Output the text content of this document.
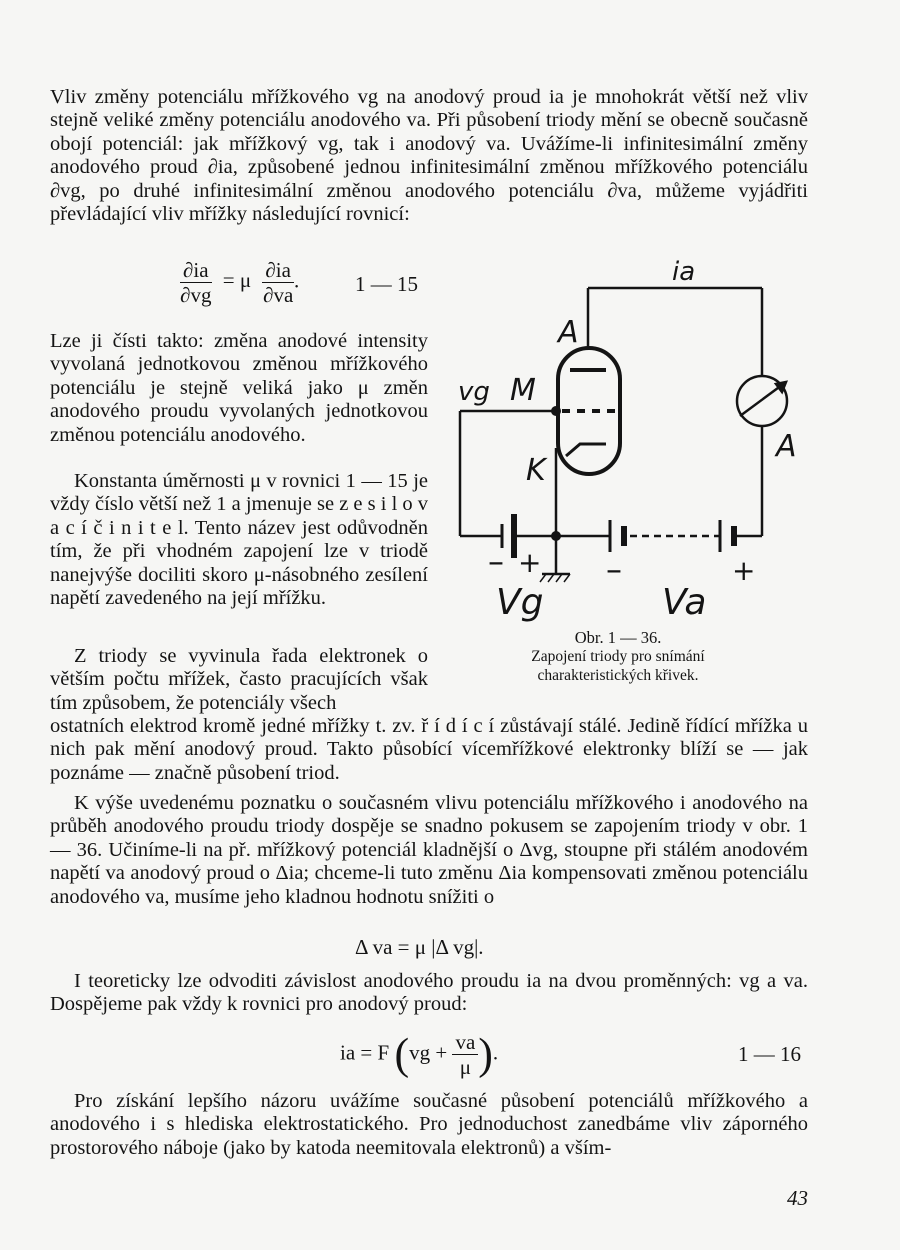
Vliv změny potenciálu mřížkového vg na anodový proud ia je mnohokrát větší než vliv stejně veliké změny potenciálu anodového va. Při působení triody mění se obecně současně obojí potenciál: jak mřížkový vg, tak i anodový va. Uvážíme-li infinitesimální změny anodového proud ∂ia, způsobené jednou infinitesimální změnou mřížkového potenciálu ∂vg, po druhé infinitesimální změnou anodového potenciálu ∂va, můžeme vyjádřiti převládající vliv mřížky následující rovnicí:

$\frac{\partial ia}{\partial vg} = \mu \frac{\partial ia}{\partial va}$ .	1 — 15

Lze ji čísti takto: změna anodové intensity vyvolaná jednotkovou změnou mřížkového potenciálu je stejně veliká jako μ změn anodového proudu vyvolaných jednotkovou změnou potenciálu anodového.

Konstanta úměrnosti μ v rovnici 1 — 15 je vždy číslo větší než 1 a jmenuje se z e s i l o v a c í č i n i t e l. Tento název jest odůvodněn tím, že při vhodném zapojení lze v triodě nanejvýše dociliti skoro μ-násobného zesílení napětí zavedeného na její mřížku.

Z triody se vyvinula řada elektronek o větším počtu mřížek, často pracujících však tím způsobem, že potenciály všech

ostatních elektrod kromě jedné mřížky t. zv. ř í d í c í zůstávají stálé. Jedině řídící mřížka u nich pak mění anodový proud. Takto působící vícemřížkové elektronky blíží se — jak poznáme — značně působení triod.

K výše uvedenému poznatku o současném vlivu potenciálu mřížkového i anodového na průběh anodového proudu triody dospěje se snadno pokusem se zapojením triody v obr. 1 — 36. Učiníme-li na př. mřížkový potenciál kladnější o Δvg, stoupne při stálém anodovém napětí va anodový proud o Δia; chceme-li tuto změnu Δia kompensovati změnou potenciálu anodového va, musíme jeho kladnou hodnotu snížiti o

Δ va = μ |Δ vg|.

I teoreticky lze odvoditi závislost anodového proudu ia na dvou proměnných: vg a va. Dospějeme pak vždy k rovnici pro anodový proud:

ia = F ($vg + \frac{va}{\mu}$ ).	1 — 16

Pro získání lepšího názoru uvážíme současné působení potenciálů mřížkového a anodového i s hlediska elektrostatického. Pro jednoduchost zanedbáme vliv záporného prostorového náboje (jako by katoda neemitovala elektronů) a vším-

ia
A
M
K
vg
A
– + –	+
Vg	Va
Obr. 1 — 36.
Zapojení triody pro snímání charakteristických křivek.
43
